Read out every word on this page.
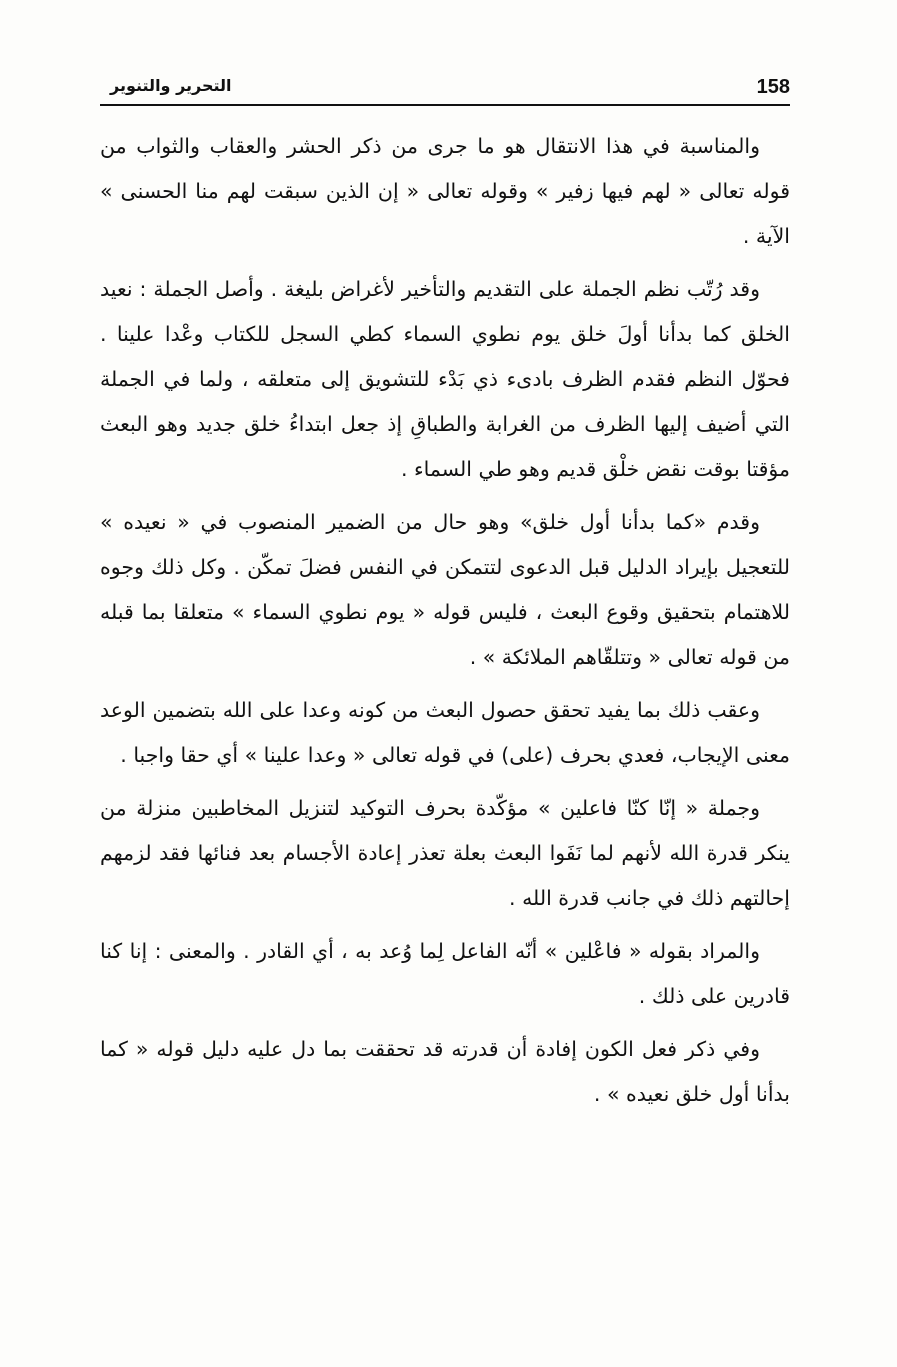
158
التحرير والتنوير

والمناسبة في هذا الانتقال هو ما جرى من ذكر الحشر والعقاب والثواب من قوله تعالى « لهم فيها زفير » وقوله تعالى « إن الذين سبقت لهم منا الحسنى » الآية .

وقد رُتّب نظم الجملة على التقديم والتأخير لأغراض بليغة . وأصل الجملة : نعيد الخلق كما بدأنا أولَ خلق يوم نطوي السماء كطي السجل للكتاب وعْدا علينا . فحوّل النظم فقدم الظرف بادىء ذي بَدْء للتشويق إلى متعلقه ، ولما في الجملة التي أضيف إليها الظرف من الغرابة والطباقِ إذ جعل ابتداءُ خلق جديد وهو البعث مؤقتا بوقت نقض خلْق قديم وهو طي السماء .

وقدم «كما بدأنا أول خلق» وهو حال من الضمير المنصوب في « نعيده » للتعجيل بإيراد الدليل قبل الدعوى لتتمكن في النفس فضلَ تمكّن . وكل ذلك وجوه للاهتمام بتحقيق وقوع البعث ، فليس قوله « يوم نطوي السماء » متعلقا بما قبله من قوله تعالى « وتتلقّاهم الملائكة » .

وعقب ذلك بما يفيد تحقق حصول البعث من كونه وعدا على الله بتضمين الوعد معنى الإيجاب، فعدي بحرف (على) في قوله تعالى « وعدا علينا » أي حقا واجبا .

وجملة « إنّا كنّا فاعلين » مؤكّدة بحرف التوكيد لتنزيل المخاطبين منزلة من ينكر قدرة الله لأنهم لما نَفَوا البعث بعلة تعذر إعادة الأجسام بعد فنائها فقد لزمهم إحالتهم ذلك في جانب قدرة الله .

والمراد بقوله « فاعْلين » أنّه الفاعل لِما وُعد به ، أي القادر . والمعنى : إنا كنا قادرين على ذلك .

وفي ذكر فعل الكون إفادة أن قدرته قد تحققت بما دل عليه دليل قوله « كما بدأنا أول خلق نعيده » .
